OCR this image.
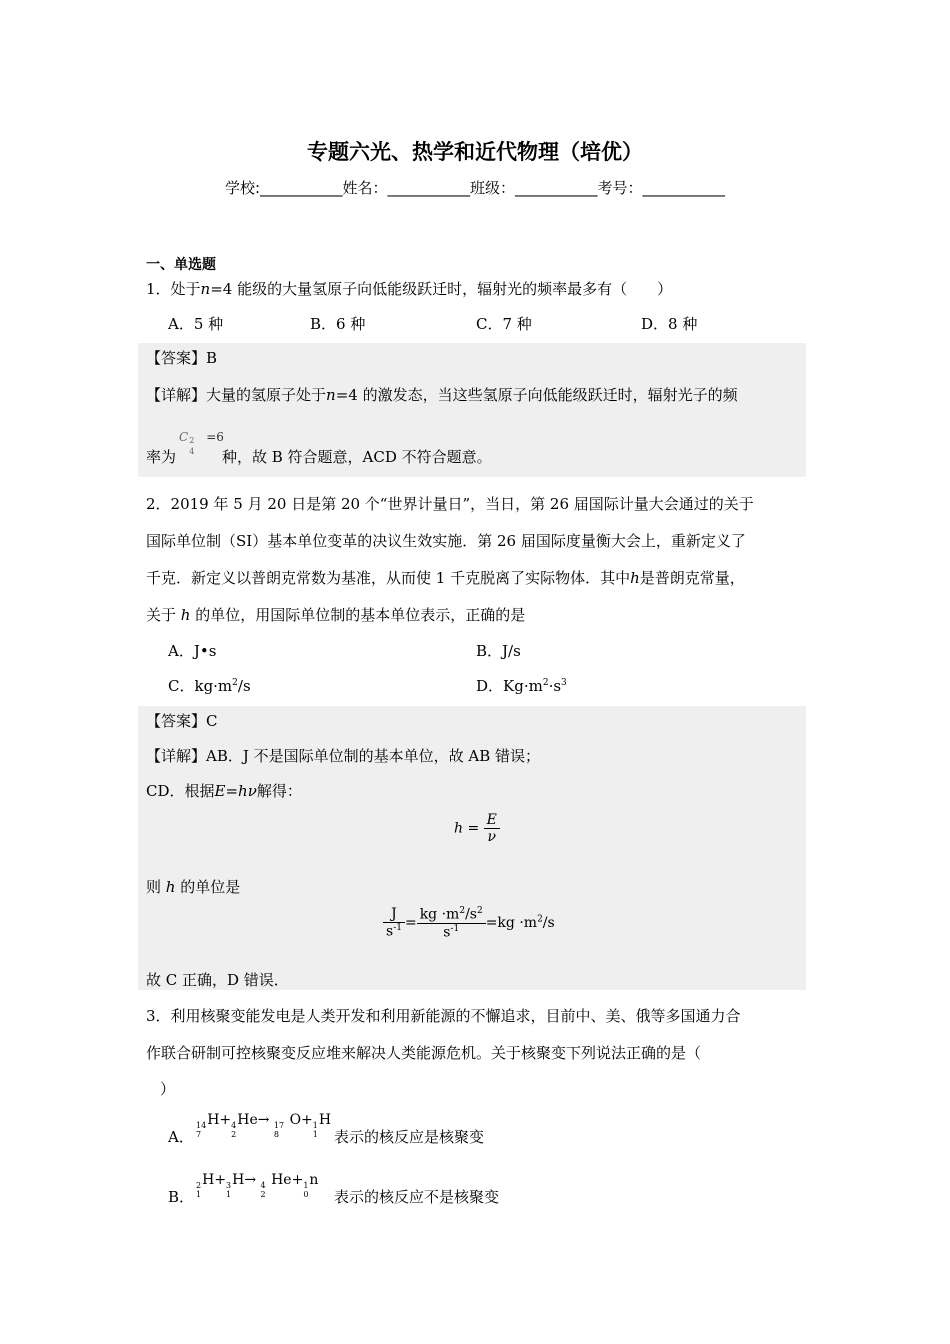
专题六光、热学和近代物理（培优）
学校:___________姓名：___________班级：___________考号：___________
一、单选题
1．处于n=4 能级的大量氢原子向低能级跃迁时，辐射光的频率最多有（　　）
A．5 种	B．6 种	C．7 种	D．8 种
【答案】B
【详解】大量的氢原子处于n=4 的激发态，当这些氢原子向低能级跃迁时，辐射光子的频
率为
C 2
4
=6
种，故 B 符合题意，ACD 不符合题意。
2．2019 年 5 月 20 日是第 20 个“世界计量日”，当日，第 26 届国际计量大会通过的关于
国际单位制（SI）基本单位变革的决议生效实施．第 26 届国际度量衡大会上，重新定义了
千克．新定义以普朗克常数为基准，从而使 1 千克脱离了实际物体．其中h是普朗克常量，
关于 h 的单位，用国际单位制的基本单位表示，正确的是
A．J•s	B．J/s
C．$kg\cdot m^2/s$	D．$Kg\cdot m^2\cdot s^3$
【答案】C
【详解】AB．J 不是国际单位制的基本单位，故 AB 错误；
CD．根据E=hν解得：
$h = \frac{E}{\nu}$
则 h 的单位是
$\frac{J}{s^{-1}} = \frac{kg \cdot m^2/s^2}{s^{-1}} =kg \cdot m^2/s$
故 C 正确，D 错误．
3．利用核聚变能发电是人类开发和利用新能源的不懈追求，目前中、美、俄等多国通力合
作联合研制可控核聚变反应堆来解决人类能源危机。关于核聚变下列说法正确的是（
）
A．
14
7
H+ 4
2
He→ 17
8
O+ 1
1
H
表示的核反应是核聚变
B．
2
1
H+ 3
1
H→ 4
2
He+ 1
0
n
表示的核反应不是核聚变
